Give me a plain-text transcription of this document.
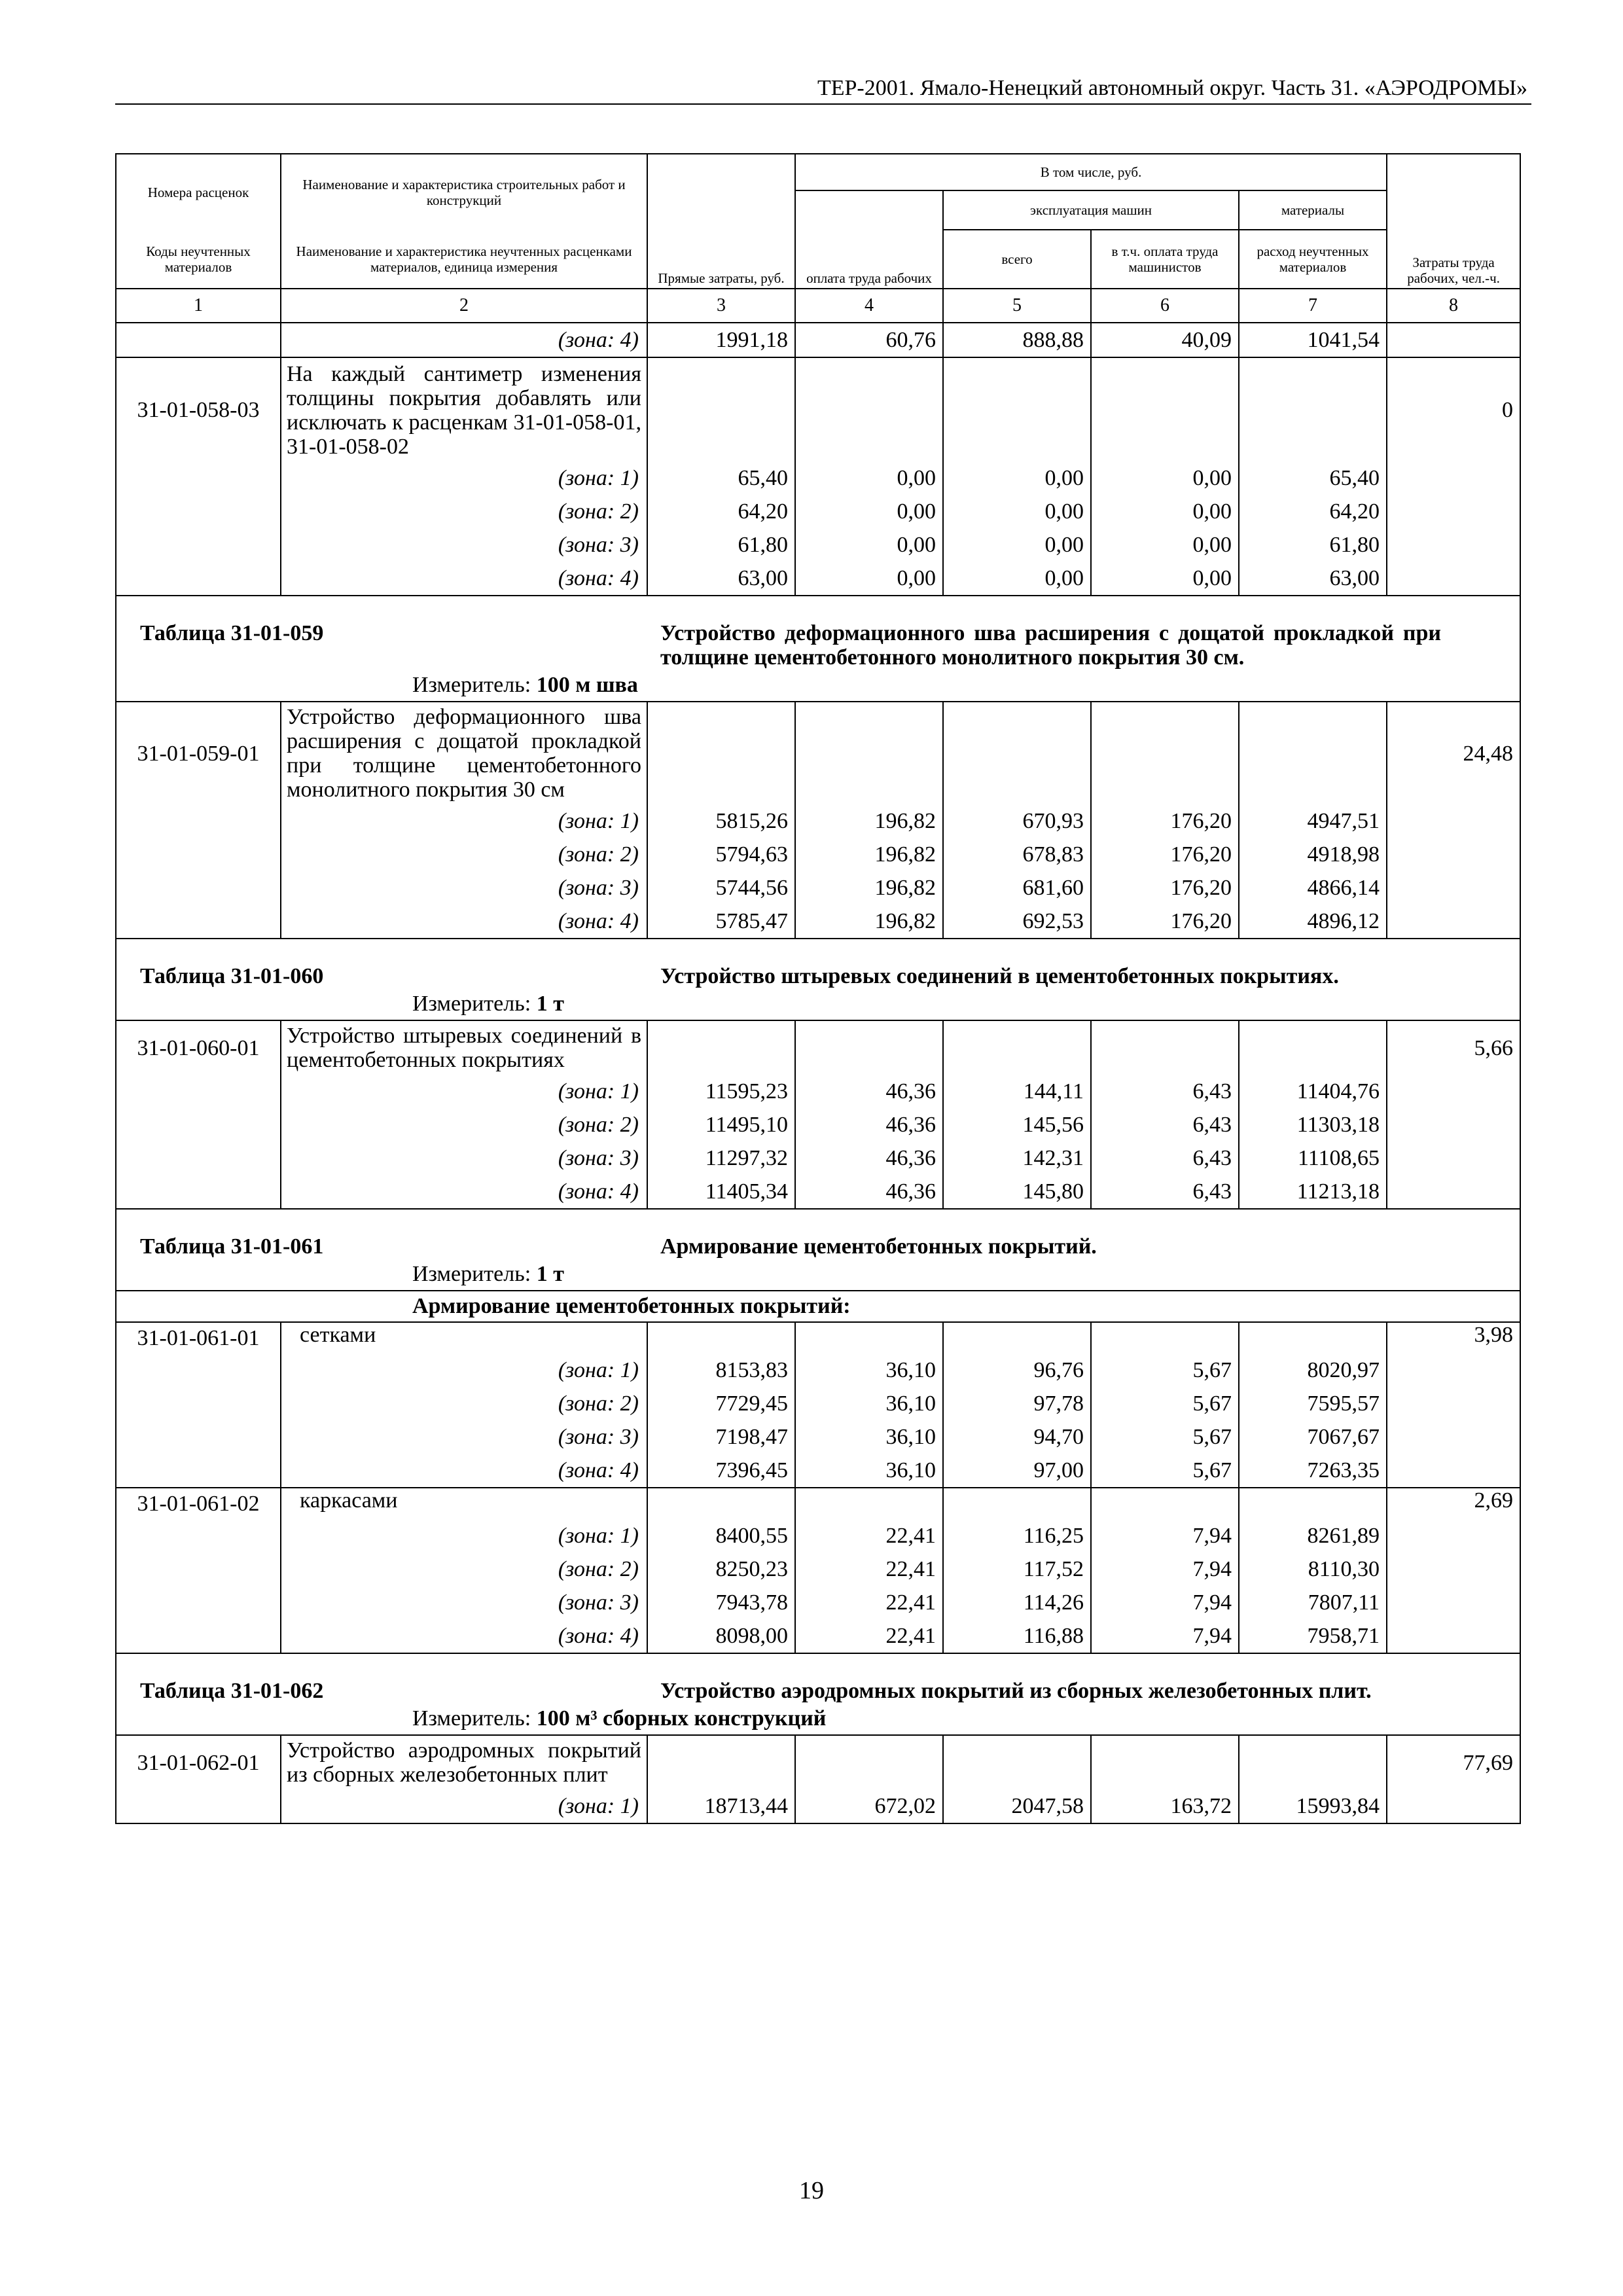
ТЕР-2001. Ямало-Ненецкий автономный округ. Часть 31. «АЭРОДРОМЫ»
Номера расценок	Наименование и характеристика строительных работ и конструкций	Прямые затраты, руб.	В том числе, руб.				Затраты труда рабочих, чел.-ч.
			оплата труда рабочих	эксплуатация машин		материалы	
Коды неучтенных материалов	Наименование и характеристика неучтенных расценками материалов, единица измерения			всего	в т.ч. оплата труда машинистов	расход неучтенных материалов	
1	2	3	4	5	6	7	8
	(зона: 4)	1991,18	60,76	888,88	40,09	1041,54	
31-01-058-03	На каждый сантиметр изменения толщины покрытия добавлять или исключать к расценкам 31-01-058-01, 31-01-058-02						0
	(зона: 1)	65,40	0,00	0,00	0,00	65,40	
	(зона: 2)	64,20	0,00	0,00	0,00	64,20	
	(зона: 3)	61,80	0,00	0,00	0,00	61,80	
	(зона: 4)	63,00	0,00	0,00	0,00	63,00	
Таблица 31-01-059		Устройство деформационного шва расширения с дощатой прокладкой при толщине цементобетонного монолитного покрытия 30 см.					
Измеритель: 100 м шва							
31-01-059-01	Устройство деформационного шва расширения с дощатой прокладкой при толщине цементобетонного монолитного покрытия 30 см						24,48
	(зона: 1)	5815,26	196,82	670,93	176,20	4947,51	
	(зона: 2)	5794,63	196,82	678,83	176,20	4918,98	
	(зона: 3)	5744,56	196,82	681,60	176,20	4866,14	
	(зона: 4)	5785,47	196,82	692,53	176,20	4896,12	
Таблица 31-01-060		Устройство штыревых соединений в цементобетонных покрытиях.					
Измеритель: 1 т							
31-01-060-01	Устройство штыревых соединений в цементобетонных покрытиях						5,66
	(зона: 1)	11595,23	46,36	144,11	6,43	11404,76	
	(зона: 2)	11495,10	46,36	145,56	6,43	11303,18	
	(зона: 3)	11297,32	46,36	142,31	6,43	11108,65	
	(зона: 4)	11405,34	46,36	145,80	6,43	11213,18	
Таблица 31-01-061		Армирование цементобетонных покрытий.					
Измеритель: 1 т							
Армирование цементобетонных покрытий:							
31-01-061-01	сетками						3,98
	(зона: 1)	8153,83	36,10	96,76	5,67	8020,97	
	(зона: 2)	7729,45	36,10	97,78	5,67	7595,57	
	(зона: 3)	7198,47	36,10	94,70	5,67	7067,67	
	(зона: 4)	7396,45	36,10	97,00	5,67	7263,35	
31-01-061-02	каркасами						2,69
	(зона: 1)	8400,55	22,41	116,25	7,94	8261,89	
	(зона: 2)	8250,23	22,41	117,52	7,94	8110,30	
	(зона: 3)	7943,78	22,41	114,26	7,94	7807,11	
	(зона: 4)	8098,00	22,41	116,88	7,94	7958,71	
Таблица 31-01-062		Устройство аэродромных покрытий из сборных железобетонных плит.					
Измеритель: 100 м³ сборных конструкций							
31-01-062-01	Устройство аэродромных покрытий из сборных железобетонных плит						77,69
	(зона: 1)	18713,44	672,02	2047,58	163,72	15993,84	
19
